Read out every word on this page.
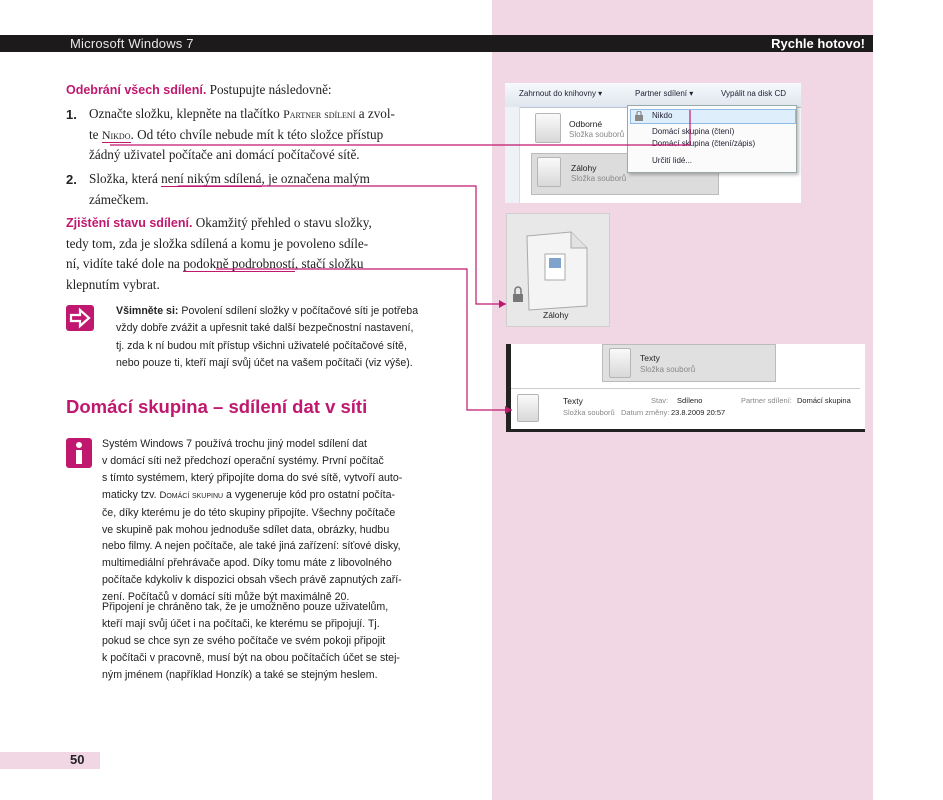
Microsoft Windows 7	Rychle hotovo!
Odebrání všech sdílení. Postupujte následovně:
1. Označte složku, klepněte na tlačítko Partner sdílení a zvol-
te Nikdo. Od této chvíle nebude mít k této složce přístup
žádný uživatel počítače ani domácí počítačové sítě.
2. Složka, která není nikým sdílená, je označena malým
zámečkem.
Zjištění stavu sdílení. Okamžitý přehled o stavu složky,
tedy tom, zda je složka sdílená a komu je povoleno sdíle-
ní, vidíte také dole na podokně podrobností, stačí složku
klepnutím vybrat.
Všimněte si: Povolení sdílení složky v počítačové síti je potřeba
vždy dobře zvážit a upřesnit také další bezpečnostní nastavení,
tj. zda k ní budou mít přístup všichni uživatelé počítačové sítě,
nebo pouze ti, kteří mají svůj účet na vašem počítači (viz výše).
Domácí skupina – sdílení dat v síti
Systém Windows 7 používá trochu jiný model sdílení dat
v domácí síti než předchozí operační systémy. První počítač
s tímto systémem, který připojíte doma do své sítě, vytvoří auto-
maticky tzv. Domácí skupinu a vygeneruje kód pro ostatní počíta-
če, díky kterému je do této skupiny připojíte. Všechny počítače
ve skupině pak mohou jednoduše sdílet data, obrázky, hudbu
nebo filmy. A nejen počítače, ale také jiná zařízení: síťové disky,
multimediální přehrávače apod. Díky tomu máte z libovolného
počítače kdykoliv k dispozici obsah všech právě zapnutých zaří-
zení. Počítačů v domácí síti může být maximálně 20.
Připojení je chráněno tak, že je umožněno pouze uživatelům,
kteří mají svůj účet i na počítači, ke kterému se připojují. Tj.
pokud se chce syn ze svého počítače ve svém pokoji připojit
k počítači v pracovně, musí být na obou počítačích účet se stej-
ným jménem (například Honzík) a také se stejným heslem.
50
Zahrnout do knihovny ▾	Partner sdílení ▾	Vypálit na disk CD
Odborné
Složka souborů
Zálohy
Složka souborů
Nikdo
Domácí skupina (čtení)
Domácí skupina (čtení/zápis)
Určití lidé...
Zálohy
Texty
Složka souborů
Texty
Složka souborů
Stav: Sdíleno
Datum změny: 23.8.2009 20:57
Partner sdílení: Domácí skupina
